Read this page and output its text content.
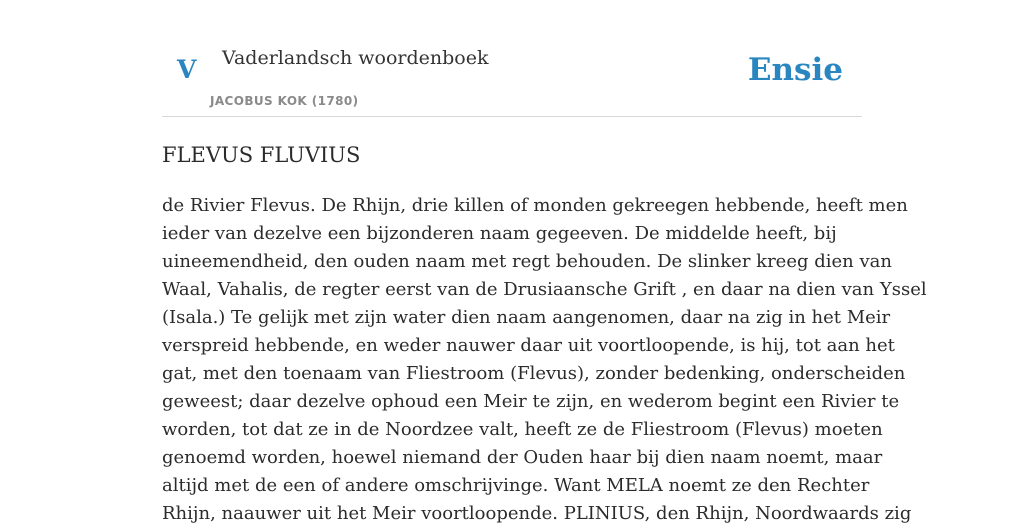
V Vaderlandsch woordenboek
JACOBUS KOK (1780)
Ensie
FLEVUS FLUVIUS
de Rivier Flevus. De Rhijn, drie killen of monden gekreegen hebbende, heeft men
ieder van dezelve een bijzonderen naam gegeeven. De middelde heeft, bij
uineemendheid, den ouden naam met regt behouden. De slinker kreeg dien van
Waal, Vahalis, de regter eerst van de Drusiaansche Grift , en daar na dien van Yssel
(Isala.) Te gelijk met zijn water dien naam aangenomen, daar na zig in het Meir
verspreid hebbende, en weder nauwer daar uit voortloopende, is hij, tot aan het
gat, met den toenaam van Fliestroom (Flevus), zonder bedenking, onderscheiden
geweest; daar dezelve ophoud een Meir te zijn, en wederom begint een Rivier te
worden, tot dat ze in de Noordzee valt, heeft ze de Fliestroom (Flevus) moeten
genoemd worden, hoewel niemand der Ouden haar bij dien naam noemt, maar
altijd met de een of andere omschrijvinge. Want MELA noemt ze den Rechter
Rhijn, naauwer uit het Meir voortloopende. PLINIUS, den Rhijn, Noordwaards zig
